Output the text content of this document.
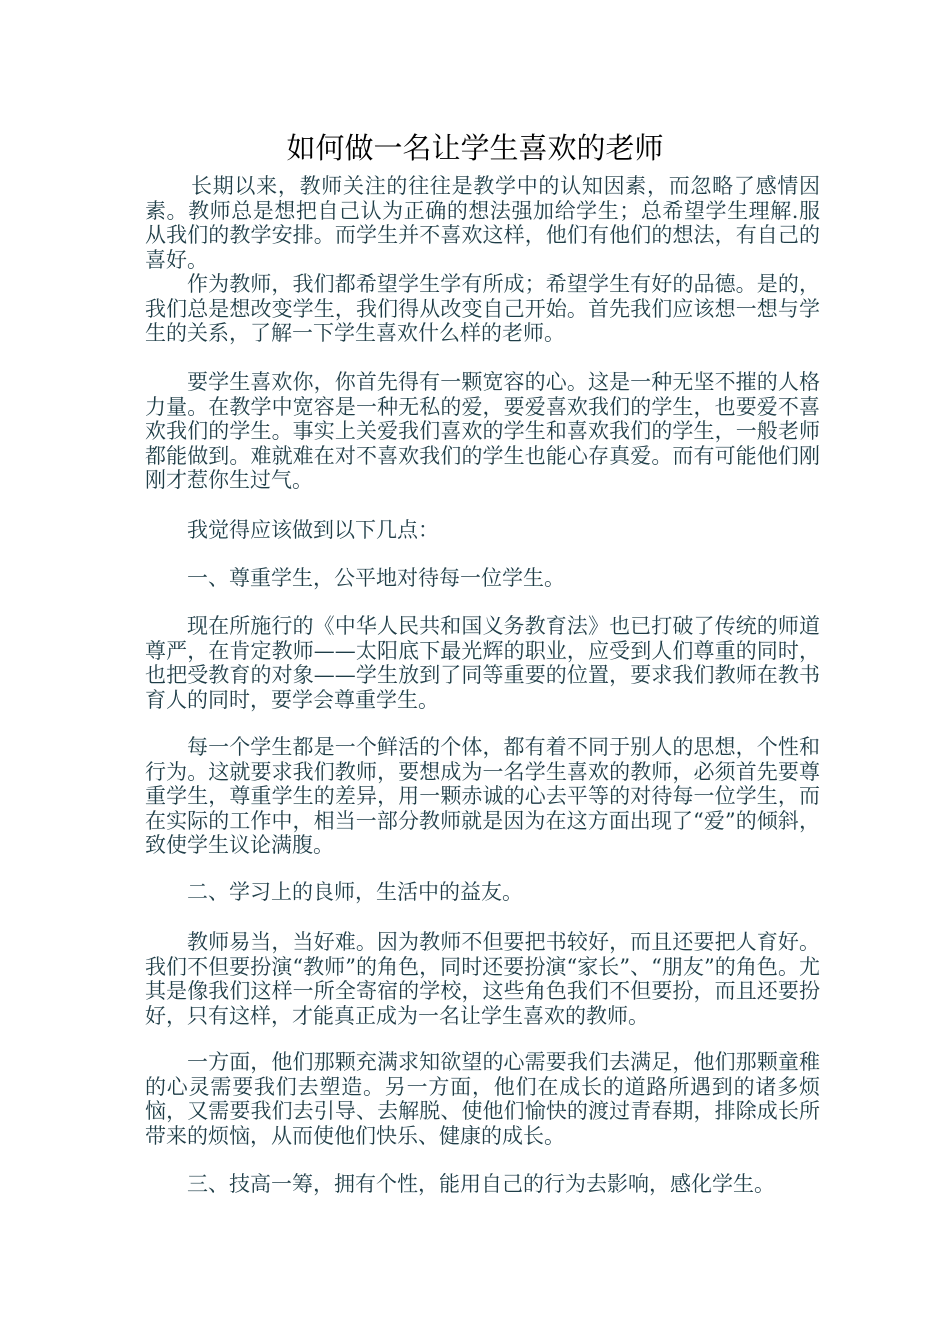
如何做一名让学生喜欢的老师

长期以来，教师关注的往往是教学中的认知因素，而忽略了感情因素。教师总是想把自己认为正确的想法强加给学生；总希望学生理解.服从我们的教学安排。而学生并不喜欢这样，他们有他们的想法，有自己的喜好。

作为教师，我们都希望学生学有所成；希望学生有好的品德。是的，我们总是想改变学生，我们得从改变自己开始。首先我们应该想一想与学生的关系，了解一下学生喜欢什么样的老师。

要学生喜欢你，你首先得有一颗宽容的心。这是一种无坚不摧的人格力量。在教学中宽容是一种无私的爱，要爱喜欢我们的学生，也要爱不喜欢我们的学生。事实上关爱我们喜欢的学生和喜欢我们的学生，一般老师都能做到。难就难在对不喜欢我们的学生也能心存真爱。而有可能他们刚刚才惹你生过气。

我觉得应该做到以下几点：

一、尊重学生，公平地对待每一位学生。

现在所施行的《中华人民共和国义务教育法》也已打破了传统的师道尊严，在肯定教师——太阳底下最光辉的职业，应受到人们尊重的同时，也把受教育的对象——学生放到了同等重要的位置，要求我们教师在教书育人的同时，要学会尊重学生。

每一个学生都是一个鲜活的个体，都有着不同于别人的思想，个性和行为。这就要求我们教师，要想成为一名学生喜欢的教师，必须首先要尊重学生，尊重学生的差异，用一颗赤诚的心去平等的对待每一位学生，而在实际的工作中，相当一部分教师就是因为在这方面出现了“爱”的倾斜，致使学生议论满腹。

二、学习上的良师，生活中的益友。

教师易当，当好难。因为教师不但要把书较好，而且还要把人育好。我们不但要扮演“教师”的角色，同时还要扮演“家长”、“朋友”的角色。尤其是像我们这样一所全寄宿的学校，这些角色我们不但要扮，而且还要扮好，只有这样，才能真正成为一名让学生喜欢的教师。

一方面，他们那颗充满求知欲望的心需要我们去满足，他们那颗童稚的心灵需要我们去塑造。另一方面，他们在成长的道路所遇到的诸多烦恼，又需要我们去引导、去解脱、使他们愉快的渡过青春期，排除成长所带来的烦恼，从而使他们快乐、健康的成长。

三、技高一筹，拥有个性，能用自己的行为去影响，感化学生。
